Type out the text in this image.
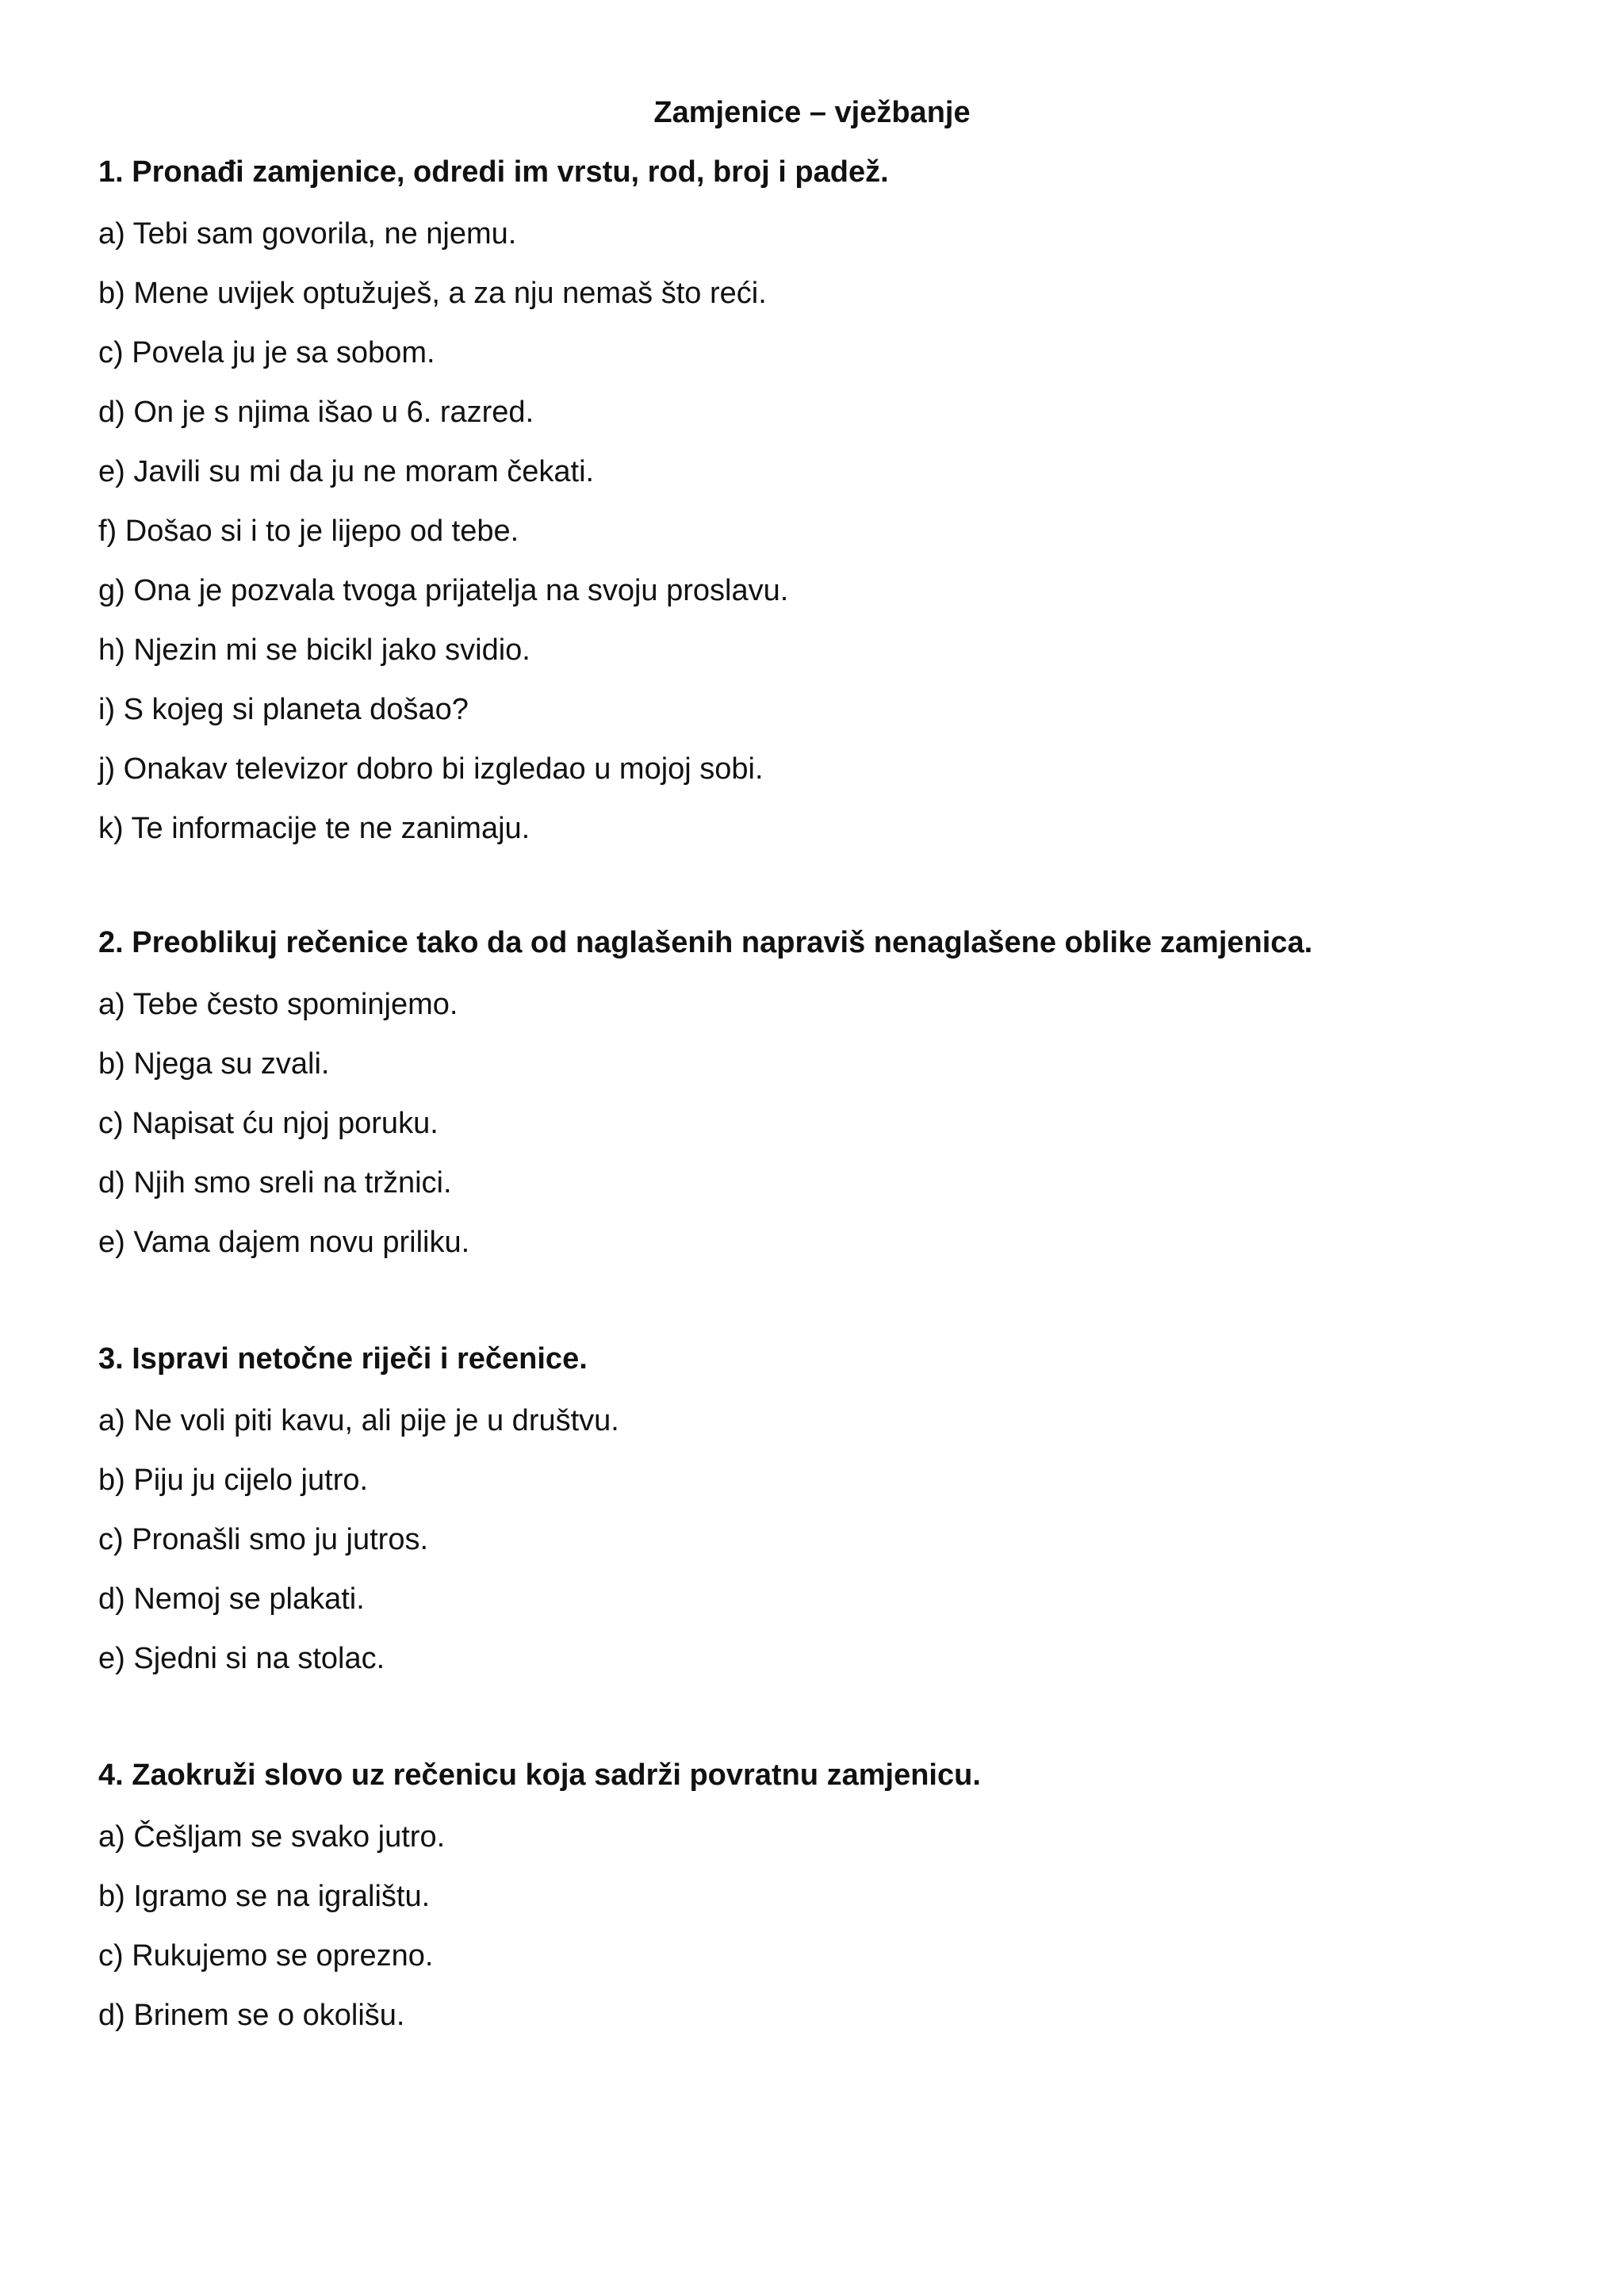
Zamjenice – vježbanje

1. Pronađi zamjenice, odredi im vrstu, rod, broj i padež.

a) Tebi sam govorila, ne njemu.
b) Mene uvijek optužuješ, a za nju nemaš što reći.
c) Povela ju je sa sobom.
d) On je s njima išao u 6. razred.
e) Javili su mi da ju ne moram čekati.
f) Došao si i to je lijepo od tebe.
g) Ona je pozvala tvoga prijatelja na svoju proslavu.
h) Njezin mi se bicikl jako svidio.
i) S kojeg si planeta došao?
j) Onakav televizor dobro bi izgledao u mojoj sobi.
k) Te informacije te ne zanimaju.

2. Preoblikuj rečenice tako da od naglašenih napraviš nenaglašene oblike zamjenica.

a) Tebe često spominjemo.
b) Njega su zvali.
c) Napisat ću njoj poruku.
d) Njih smo sreli na tržnici.
e) Vama dajem novu priliku.

3. Ispravi netočne riječi i rečenice.

a) Ne voli piti kavu, ali pije je u društvu.
b) Piju ju cijelo jutro.
c) Pronašli smo ju jutros.
d) Nemoj se plakati.
e) Sjedni si na stolac.

4. Zaokruži slovo uz rečenicu koja sadrži povratnu zamjenicu.

a) Češljam se svako jutro.
b) Igramo se na igralištu.
c) Rukujemo se oprezno.
d) Brinem se o okolišu.
